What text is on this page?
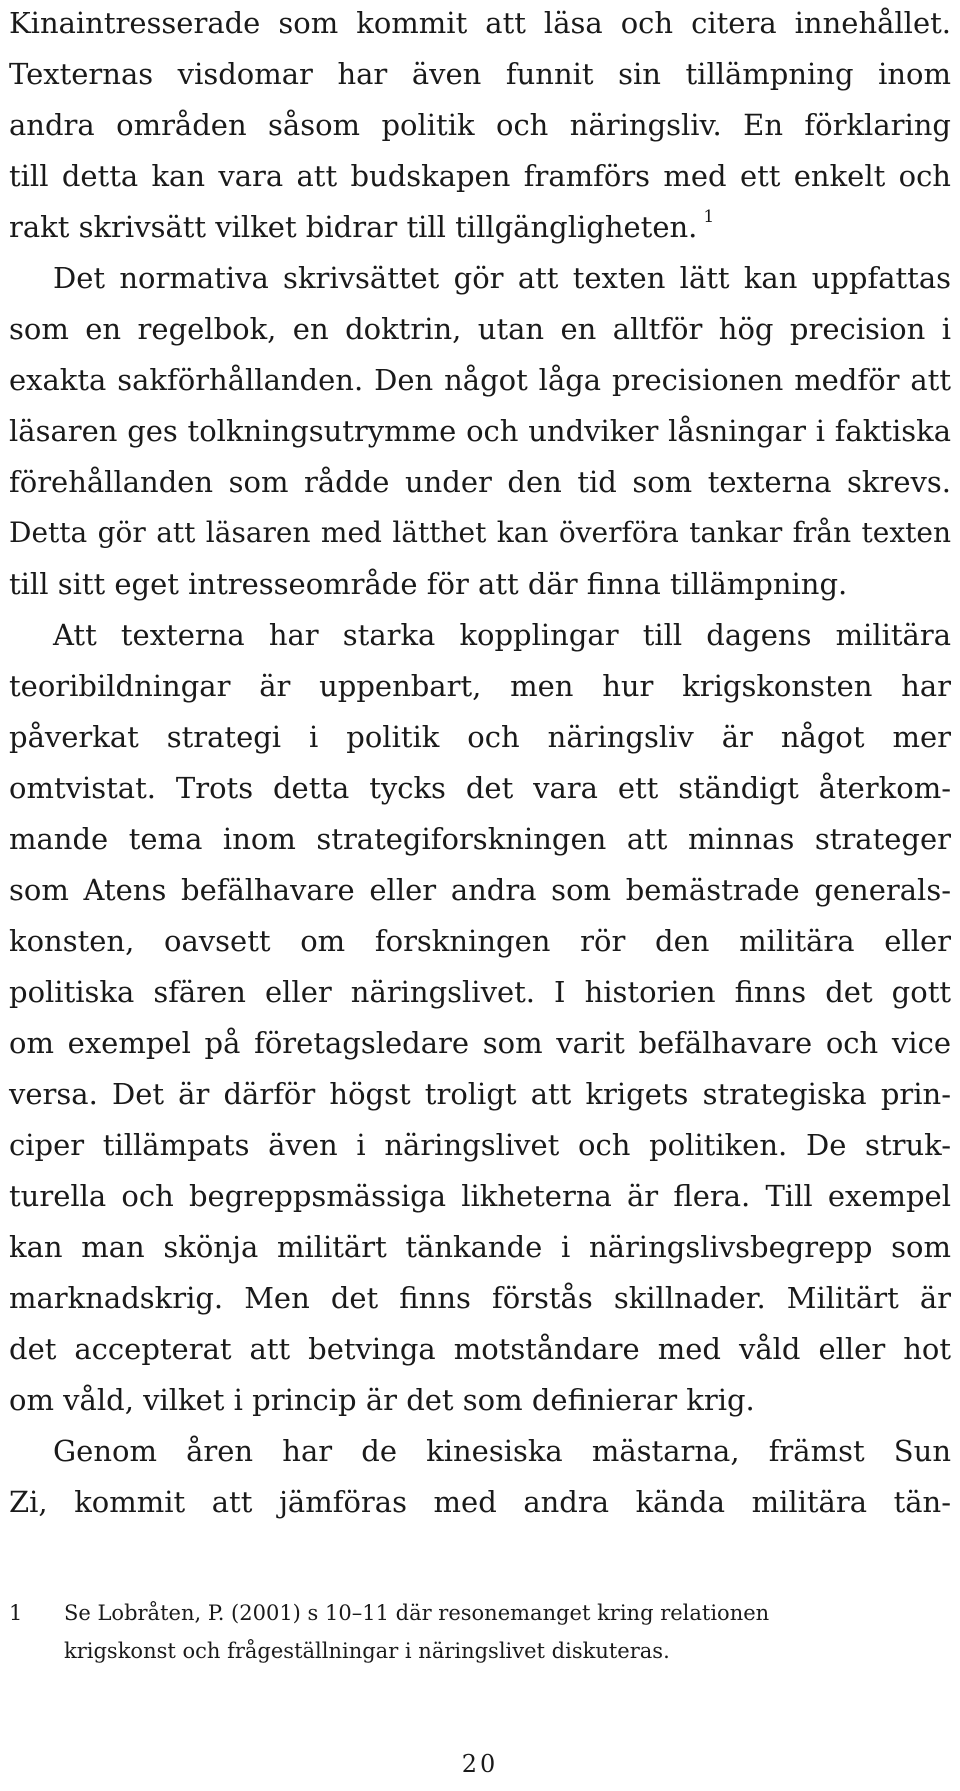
Kinaintresserade som kommit att läsa och citera innehållet.
Texternas visdomar har även funnit sin tillämpning inom
andra områden såsom politik och näringsliv. En förklaring
till detta kan vara att budskapen framförs med ett enkelt och
rakt skrivsätt vilket bidrar till tillgängligheten. $^1$
Det normativa skrivsättet gör att texten lätt kan uppfattas
som en regelbok, en doktrin, utan en alltför hög precision i
exakta sakförhållanden. Den något låga precisionen medför att
läsaren ges tolkningsutrymme och undviker låsningar i faktiska
förehållanden som rådde under den tid som texterna skrevs.
Detta gör att läsaren med lätthet kan överföra tankar från texten
till sitt eget intresseområde för att där finna tillämpning.
Att texterna har starka kopplingar till dagens militära
teoribildningar är uppenbart, men hur krigskonsten har
påverkat strategi i politik och näringsliv är något mer
omtvistat. Trots detta tycks det vara ett ständigt återkom-
mande tema inom strategiforskningen att minnas strateger
som Atens befälhavare eller andra som bemästrade generals-
konsten, oavsett om forskningen rör den militära eller
politiska sfären eller näringslivet. I historien finns det gott
om exempel på företagsledare som varit befälhavare och vice
versa. Det är därför högst troligt att krigets strategiska prin-
ciper tillämpats även i näringslivet och politiken. De struk-
turella och begreppsmässiga likheterna är flera. Till exempel
kan man skönja militärt tänkande i näringslivsbegrepp som
marknadskrig. Men det finns förstås skillnader. Militärt är
det accepterat att betvinga motståndare med våld eller hot
om våld, vilket i princip är det som definierar krig.
Genom åren har de kinesiska mästarna, främst Sun
Zi, kommit att jämföras med andra kända militära tän-
1 Se Lobråten, P. (2001) s 10–11 där resonemanget kring relationen
krigskonst och frågeställningar i näringslivet diskuteras.
20
